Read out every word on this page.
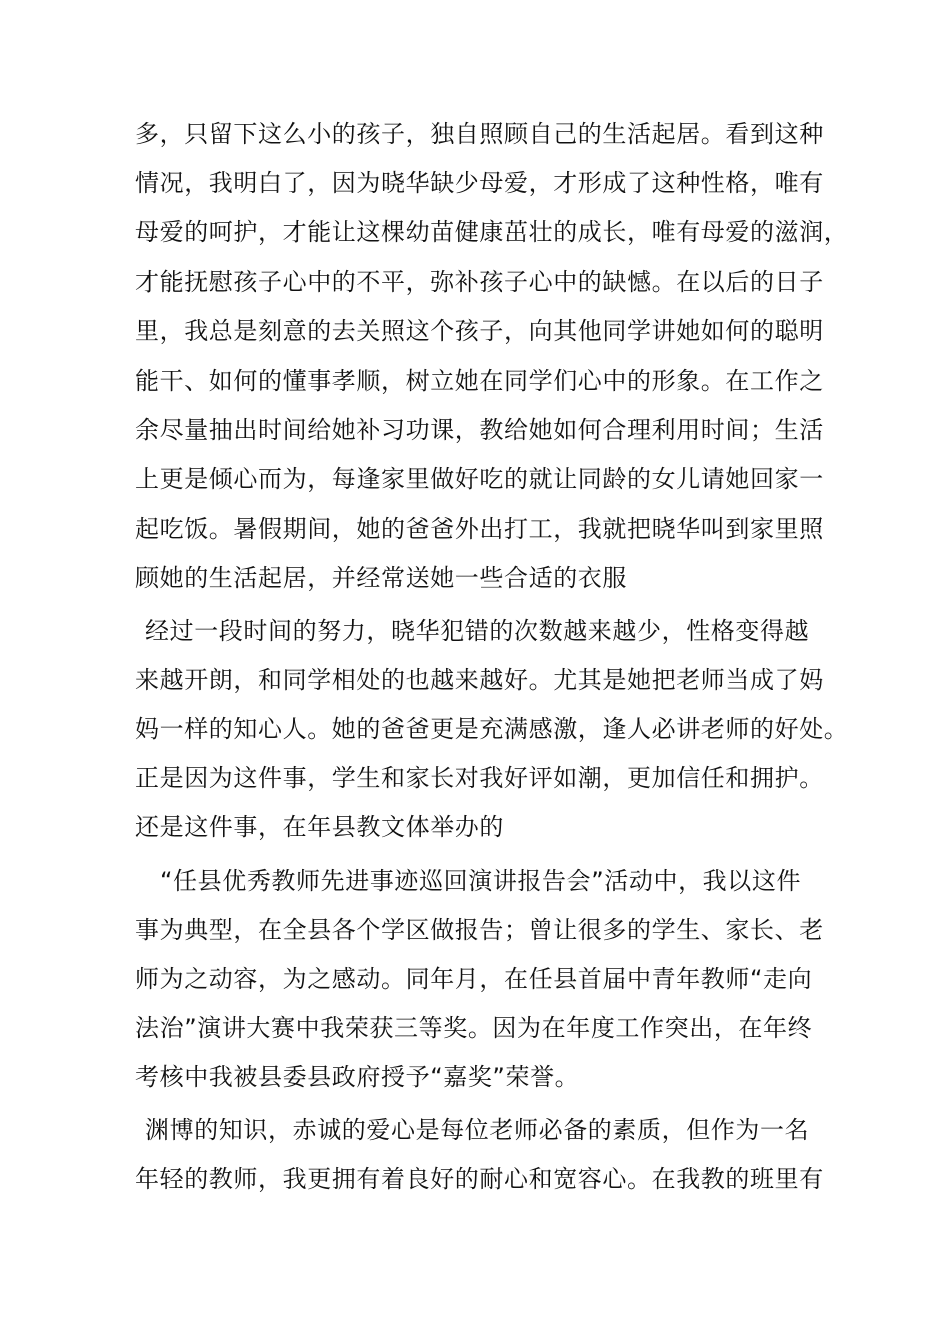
多，只留下这么小的孩子，独自照顾自己的生活起居。看到这种
情况，我明白了，因为晓华缺少母爱，才形成了这种性格，唯有
母爱的呵护，才能让这棵幼苗健康茁壮的成长，唯有母爱的滋润，
才能抚慰孩子心中的不平，弥补孩子心中的缺憾。在以后的日子
里，我总是刻意的去关照这个孩子，向其他同学讲她如何的聪明
能干、如何的懂事孝顺，树立她在同学们心中的形象。在工作之
余尽量抽出时间给她补习功课，教给她如何合理利用时间；生活
上更是倾心而为，每逢家里做好吃的就让同龄的女儿请她回家一
起吃饭。暑假期间，她的爸爸外出打工，我就把晓华叫到家里照
顾她的生活起居，并经常送她一些合适的衣服
经过一段时间的努力，晓华犯错的次数越来越少，性格变得越
来越开朗，和同学相处的也越来越好。尤其是她把老师当成了妈
妈一样的知心人。她的爸爸更是充满感激，逢人必讲老师的好处。
正是因为这件事，学生和家长对我好评如潮，更加信任和拥护。
还是这件事，在年县教文体举办的
“任县优秀教师先进事迹巡回演讲报告会”活动中，我以这件
事为典型，在全县各个学区做报告；曾让很多的学生、家长、老
师为之动容，为之感动。同年月，在任县首届中青年教师“走向
法治”演讲大赛中我荣获三等奖。因为在年度工作突出，在年终
考核中我被县委县政府授予“嘉奖”荣誉。
渊博的知识，赤诚的爱心是每位老师必备的素质，但作为一名
年轻的教师，我更拥有着良好的耐心和宽容心。在我教的班里有
